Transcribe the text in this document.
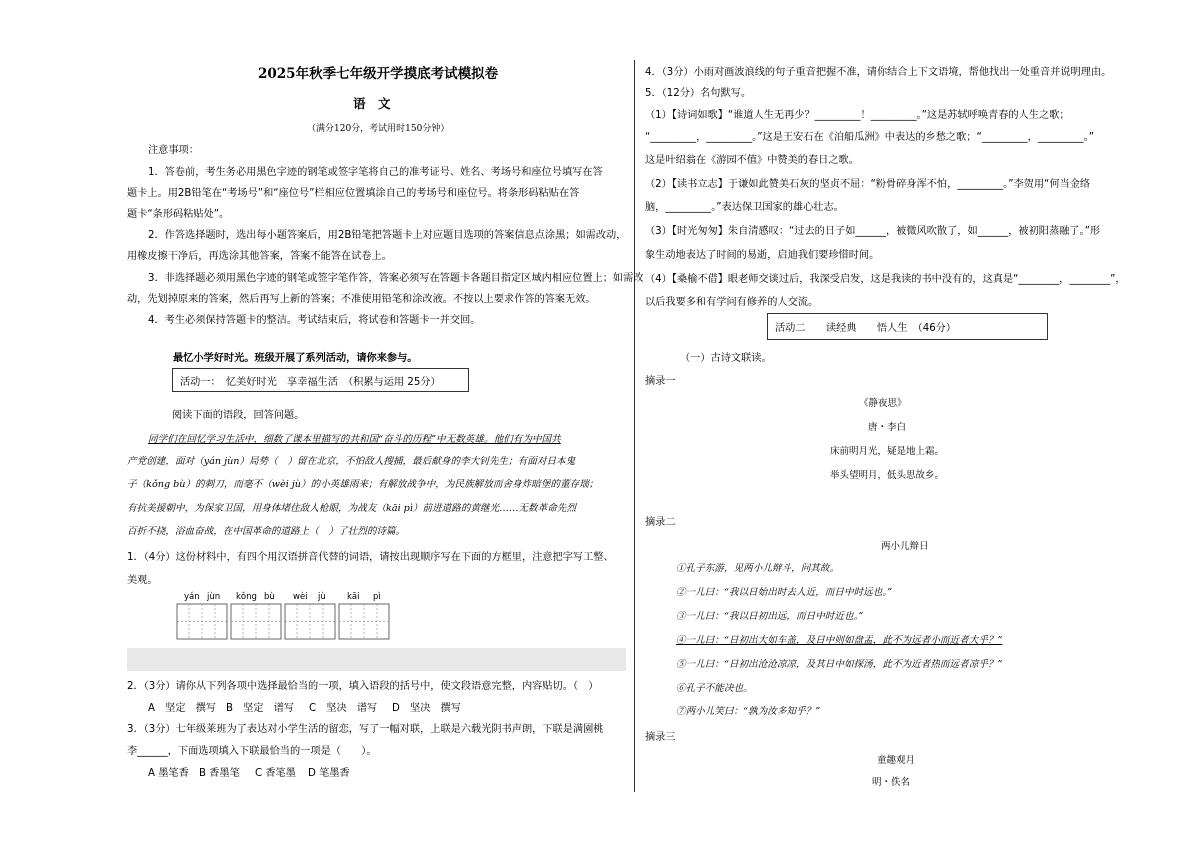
2025年秋季七年级开学摸底考试模拟卷
语　文
（满分120分，考试用时150分钟）
注意事项：
1．答卷前，考生务必用黑色字迹的钢笔或签字笔将自己的准考证号、姓名、考场号和座位号填写在答
题卡上。用2B铅笔在“考场号”和“座位号”栏相应位置填涂自己的考场号和座位号。将条形码粘贴在答
题卡“条形码粘贴处”。
2．作答选择题时，选出每小题答案后，用2B铅笔把答题卡上对应题目选项的答案信息点涂黑；如需改动，
用橡皮擦干净后，再选涂其他答案，答案不能答在试卷上。
3．非选择题必须用黑色字迹的钢笔或签字笔作答，答案必须写在答题卡各题目指定区域内相应位置上；如需改
动，先划掉原来的答案，然后再写上新的答案；不准使用铅笔和涂改液。不按以上要求作答的答案无效。
4．考生必须保持答题卡的整洁。考试结束后，将试卷和答题卡一并交回。
最忆小学好时光。班级开展了系列活动，请你来参与。
活动一：　忆美好时光　享幸福生活　（积累与运用 25分）
阅读下面的语段，回答问题。
同学们在回忆学习生活中，细数了课本里描写的共和国“奋斗的历程”中无数英雄。他们有为中国共
产党创建，面对（yán jùn）局势（　）留在北京，不怕敌人搜捕，最后献身的李大钊先生；有面对日本鬼
子（kǒng bù）的刺刀，而毫不（wèi jù）的小英雄雨来；有解放战争中，为民族解放而舍身炸暗堡的董存瑞；
有抗美援朝中，为保家卫国，用身体堵住敌人枪眼，为战友（kāi pì）前进道路的黄继光……无数革命先烈
百折不挠，浴血奋战，在中国革命的道路上（　）了壮烈的诗篇。
1．（4分）这份材料中，有四个用汉语拼音代替的词语，请按出现顺序写在下面的方框里，注意把字写工整、
美观。
yán jùn kǒng bù wèi jù	kāi pì
2．（3分）请你从下列各项中选择最恰当的一项，填入语段的括号中，使文段语意完整，内容贴切。（　）
A　坚定　撰写 B　坚定　谱写 C　坚决　谱写 D　坚决　撰写
3．（3分）七年级莱班为了表达对小学生活的留恋，写了一幅对联，上联是六载光阴书声朗，下联是满園桃
李______，下面选项填入下联最恰当的一项是（　　）。
A 墨笔香 B 香墨笔 C 香笔墨 D 笔墨香
4．（3分）小雨对画波浪线的句子重音把握不准，请你结合上下文语境，帮他找出一处重音并说明理由。
5．（12分）名句默写。
（1）【诗词如歌】“谁道人生无再少？_________！_________。”这是苏轼呼唤青春的人生之歌；
“_________，_________。”这是王安石在《泊船瓜洲》中表达的乡愁之歌；“_________，_________。”
这是叶绍翁在《游园不值》中赞美的春日之歌。
（2）【读书立志】于谦如此赞美石灰的坚贞不屈：“粉骨碎身浑不怕，_________。”李贺用“何当金络
脑，_________。”表达保卫国家的雄心壮志。
（3）【时光匆匆】朱自清感叹：“过去的日子如______，被微风吹散了，如______，被初阳蒸融了。”形
象生动地表达了时间的易逝，启迪我们要珍惜时间。
（4）【桑榆不借】眼老师交谈过后，我深受启发，这是我读的书中没有的，这真是“________，________”，
以后我要多和有学问有修养的人交流。
活动二　　读经典　　悟人生　（46分）
（一）古诗文联读。
摘录一
《静夜思》
唐・李白
床前明月光，疑是地上霜。
举头望明月，低头思故乡。
摘录二
两小儿辩日
①孔子东游，见两小儿辩斗，问其故。
②一儿曰：“我以日始出时去人近，而日中时远也。”
③一儿曰：“我以日初出远，而日中时近也。”
④一儿曰：“日初出大如车盖，及日中则如盘盂，此不为远者小而近者大乎？”
⑤一儿曰：“日初出沧沧凉凉，及其日中如探汤，此不为近者热而远者凉乎？”
⑥孔子不能决也。
⑦两小儿笑曰：“孰为汝多知乎？”
摘录三
童趣观月
明・佚名
